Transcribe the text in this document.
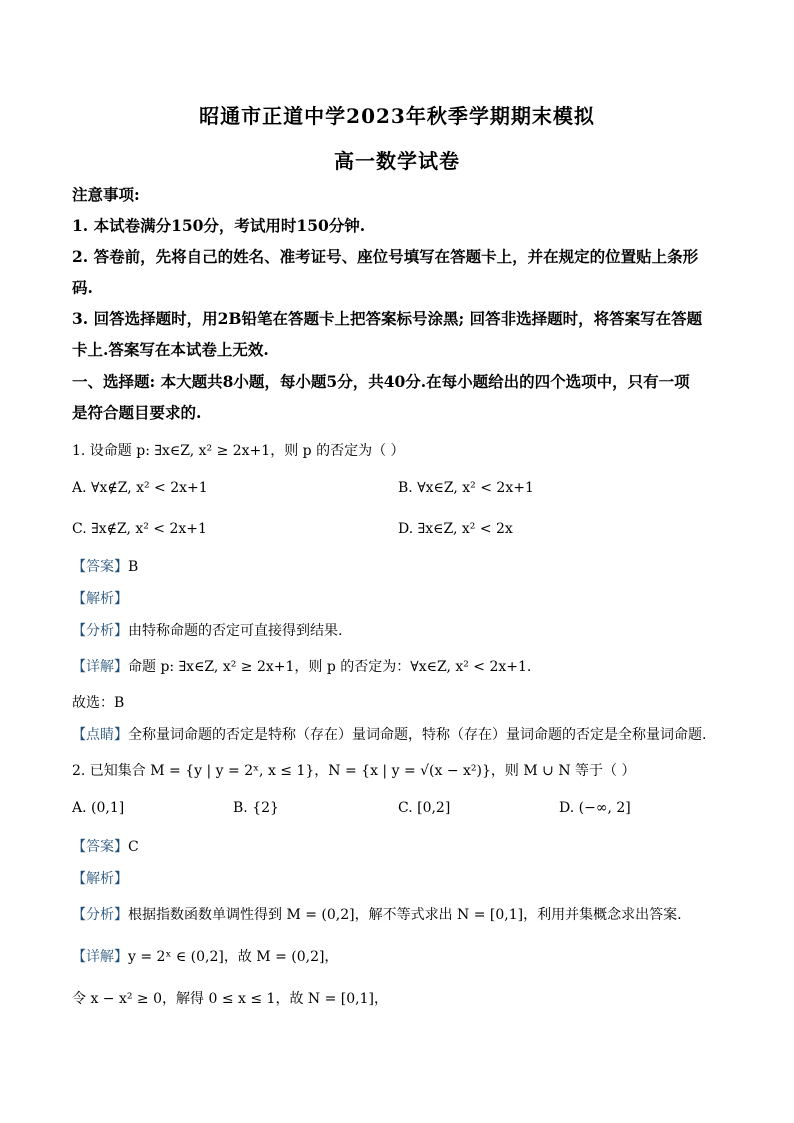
昭通市正道中学2023年秋季学期期末模拟
高一数学试卷
注意事项:
1. 本试卷满分150分，考试用时150分钟.
2. 答卷前，先将自己的姓名、准考证号、座位号填写在答题卡上，并在规定的位置贴上条形
码.
3. 回答选择题时，用2B铅笔在答题卡上把答案标号涂黑; 回答非选择题时，将答案写在答题
卡上.答案写在本试卷上无效.
一、选择题: 本大题共8小题，每小题5分，共40分.在每小题给出的四个选项中，只有一项
是符合题目要求的.
1. 设命题 p: ∃x∈Z, x² ≥ 2x+1，则 p 的否定为（ ）
A. ∀x∉Z, x² < 2x+1	B. ∀x∈Z, x² < 2x+1
C. ∃x∉Z, x² < 2x+1	D. ∃x∈Z, x² < 2x
【答案】B
【解析】
【分析】由特称命题的否定可直接得到结果.
【详解】命题 p: ∃x∈Z, x² ≥ 2x+1，则 p 的否定为：∀x∈Z, x² < 2x+1.
故选：B
【点睛】全称量词命题的否定是特称（存在）量词命题，特称（存在）量词命题的否定是全称量词命题.
2. 已知集合 M = {y | y = 2ˣ, x ≤ 1}，N = {x | y = √(x − x²)}，则 M ∪ N 等于（ ）
A. (0,1]	B. {2}	C. [0,2]	D. (−∞, 2]
【答案】C
【解析】
【分析】根据指数函数单调性得到 M = (0,2]，解不等式求出 N = [0,1]，利用并集概念求出答案.
【详解】y = 2ˣ ∈ (0,2]，故 M = (0,2]，
令 x − x² ≥ 0，解得 0 ≤ x ≤ 1，故 N = [0,1]，
